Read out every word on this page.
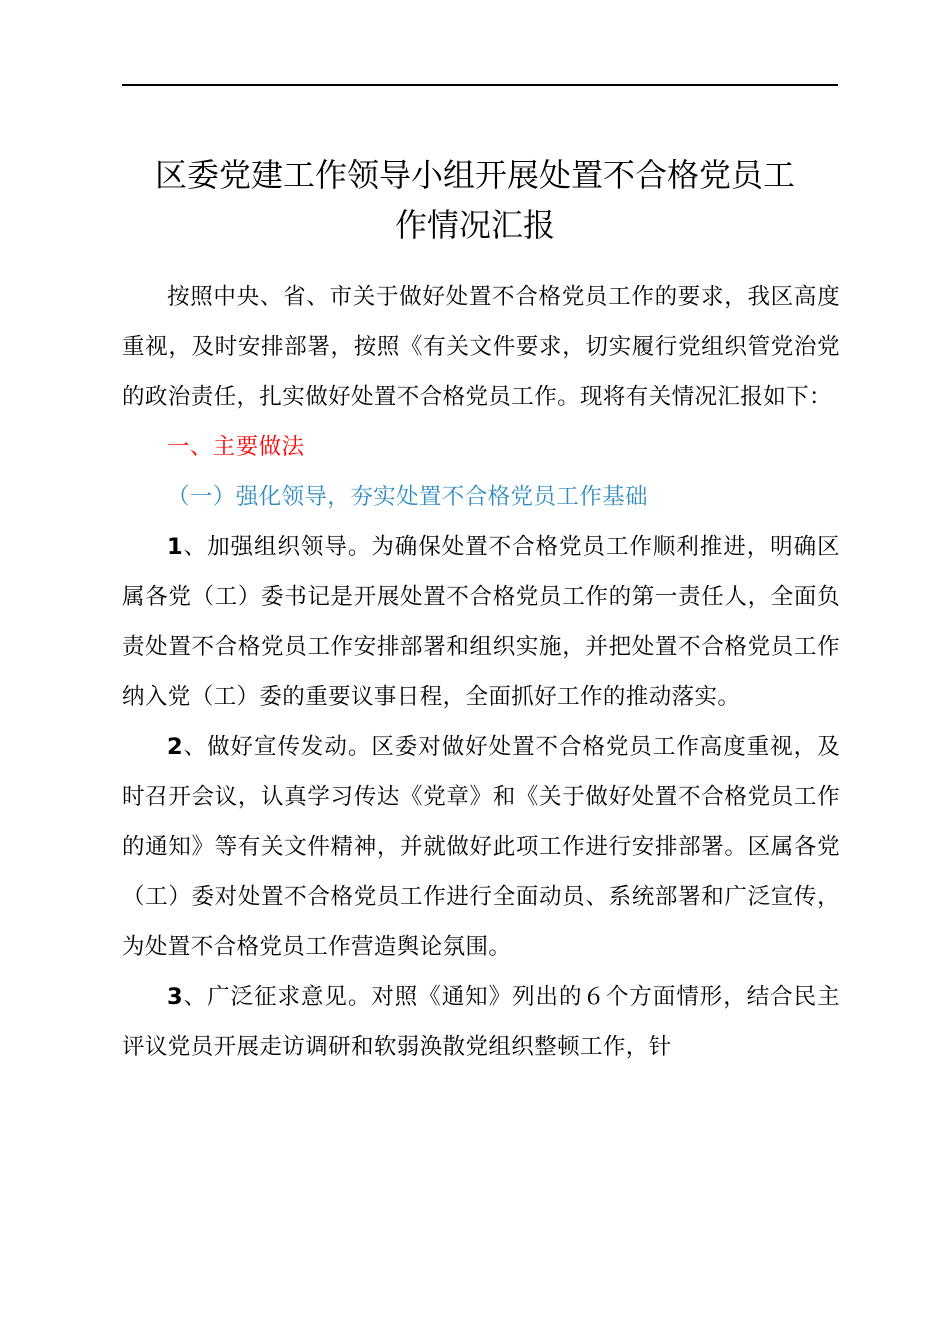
区委党建工作领导小组开展处置不合格党员工
作情况汇报

按照中央、省、市关于做好处置不合格党员工作的要求，我区高度重视，及时安排部署，按照《有关文件要求，切实履行党组织管党治党的政治责任，扎实做好处置不合格党员工作。现将有关情况汇报如下：

一、主要做法

（一）强化领导，夯实处置不合格党员工作基础

1、加强组织领导。为确保处置不合格党员工作顺利推进，明确区属各党（工）委书记是开展处置不合格党员工作的第一责任人，全面负责处置不合格党员工作安排部署和组织实施，并把处置不合格党员工作纳入党（工）委的重要议事日程，全面抓好工作的推动落实。

2、做好宣传发动。区委对做好处置不合格党员工作高度重视，及时召开会议，认真学习传达《党章》和《关于做好处置不合格党员工作的通知》等有关文件精神，并就做好此项工作进行安排部署。区属各党（工）委对处置不合格党员工作进行全面动员、系统部署和广泛宣传，为处置不合格党员工作营造舆论氛围。

3、广泛征求意见。对照《通知》列出的６个方面情形，结合民主评议党员开展走访调研和软弱涣散党组织整顿工作，针
